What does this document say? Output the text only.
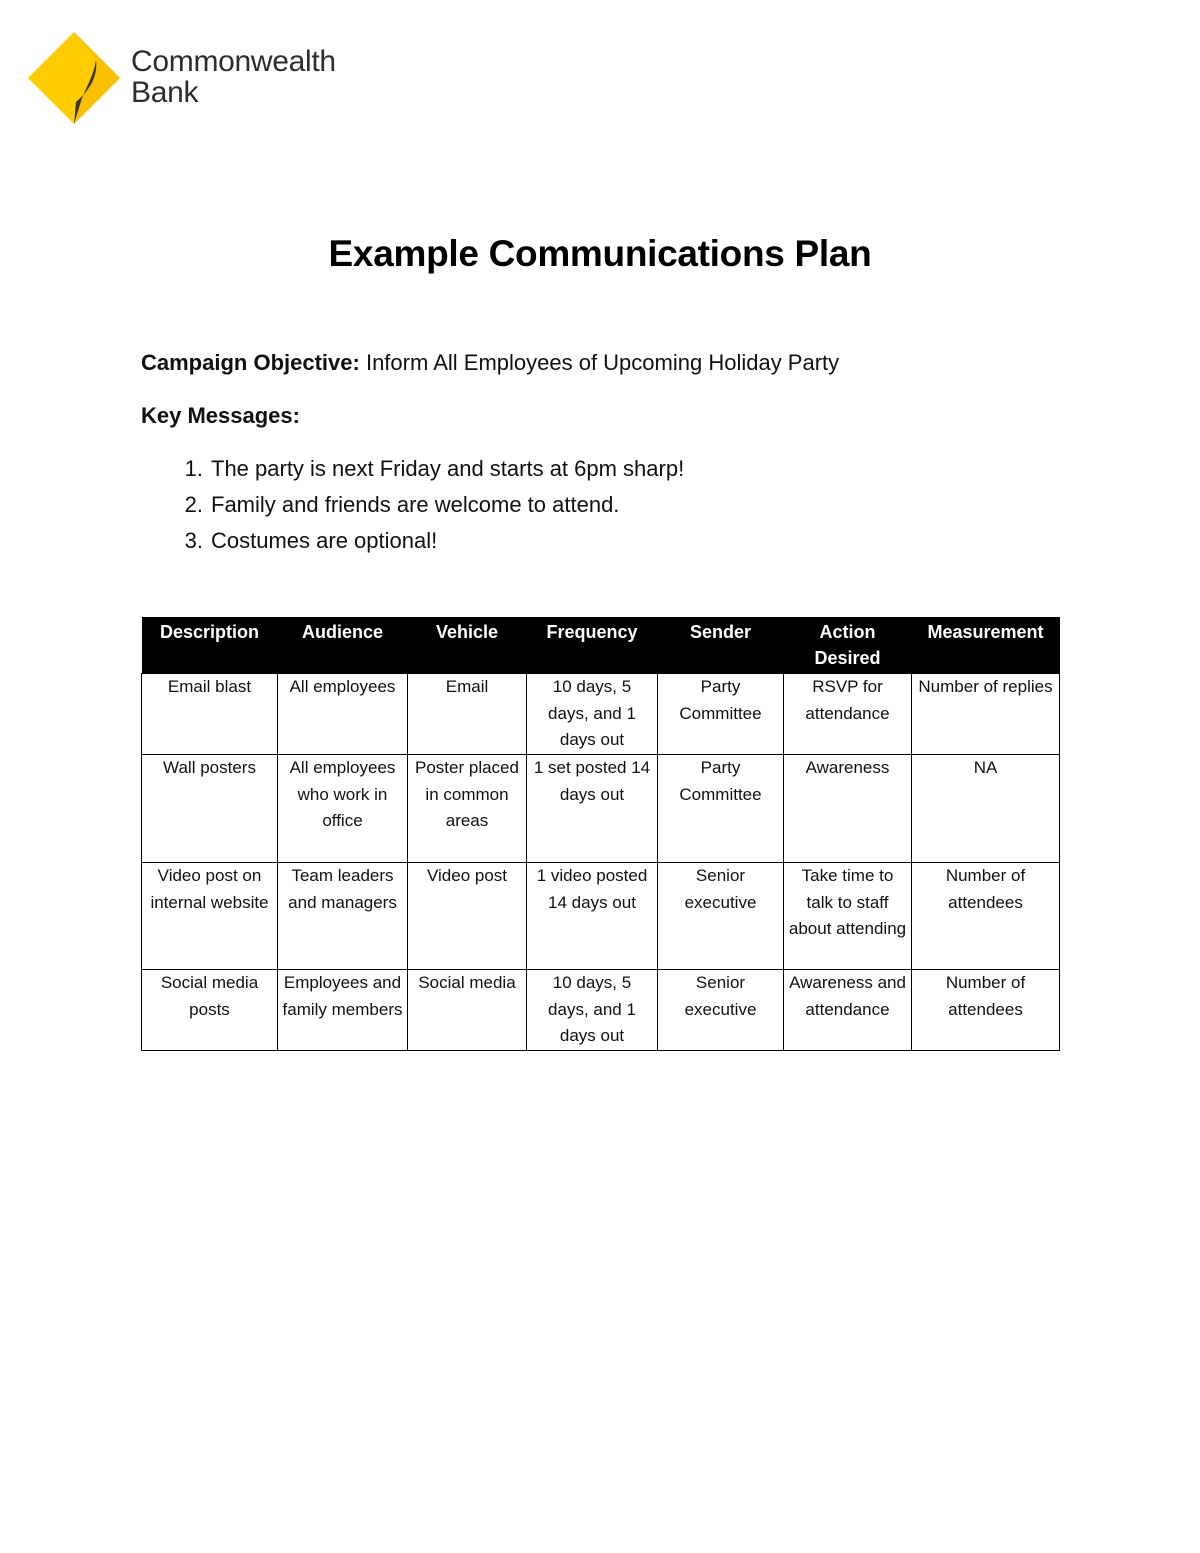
Commonwealth
Bank
Example Communications Plan
Campaign Objective: Inform All Employees of Upcoming Holiday Party
Key Messages:
1. The party is next Friday and starts at 6pm sharp!
2. Family and friends are welcome to attend.
3. Costumes are optional!
Description	Audience	Vehicle	Frequency	Sender	Action Desired	Measurement
Email blast	All employees	Email	10 days, 5 days, and 1 days out	Party Committee	RSVP for attendance	Number of replies
Wall posters	All employees who work in office	Poster placed in common areas	1 set posted 14 days out	Party Committee	Awareness	NA
Video post on internal website	Team leaders and managers	Video post	1 video posted 14 days out	Senior executive	Take time to talk to staff about attending	Number of attendees
Social media posts	Employees and family members	Social media	10 days, 5 days, and 1 days out	Senior executive	Awareness and attendance	Number of attendees
